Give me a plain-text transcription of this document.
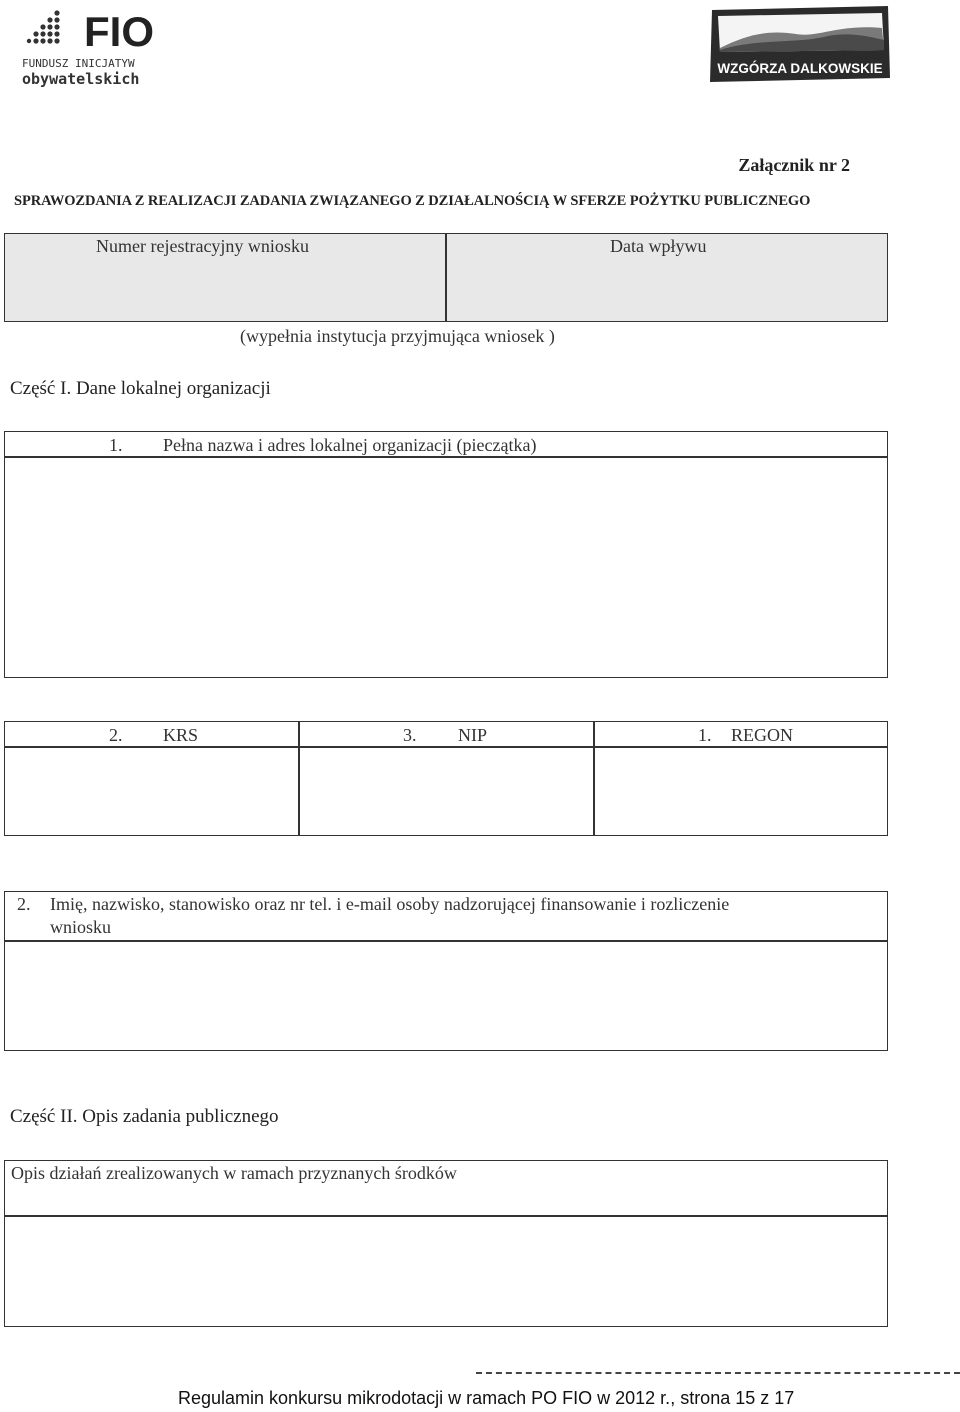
FIO
FUNDUSZ INICJATYW
obywatelskich
WZGÓRZA DALKOWSKIE
Załącznik nr 2
SPRAWOZDANIA Z REALIZACJI ZADANIA ZWIĄZANEGO Z DZIAŁALNOŚCIĄ W SFERZE POŻYTKU PUBLICZNEGO
Numer rejestracyjny wniosku	Data wpływu
(wypełnia instytucja przyjmująca wniosek )
Część I. Dane lokalnej organizacji
1. Pełna nazwa i adres lokalnej organizacji (pieczątka)
2. KRS	3. NIP	1. REGON
2. Imię, nazwisko, stanowisko oraz nr tel. i e-mail osoby nadzorującej finansowanie i rozliczenie
wniosku
Część II. Opis zadania publicznego
Opis działań zrealizowanych w ramach przyznanych środków
Regulamin konkursu mikrodotacji w ramach PO FIO w 2012 r., strona 15 z 17
